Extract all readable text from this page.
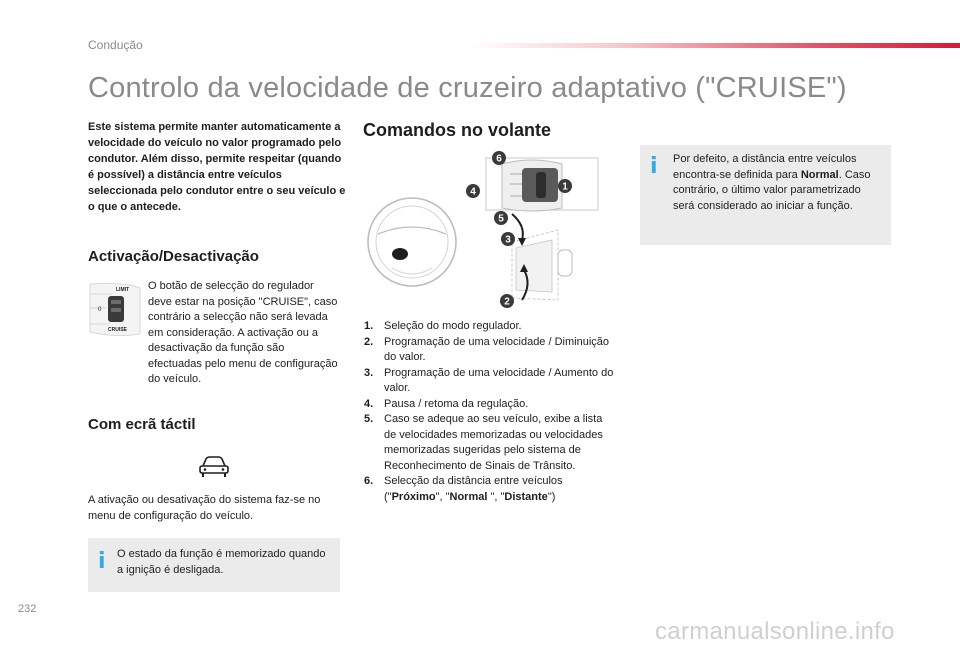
Condução
Controlo da velocidade de cruzeiro adaptativo ("CRUISE")

Este sistema permite manter automaticamente a velocidade do veículo no valor programado pelo condutor. Além disso, permite respeitar (quando é possível) a distância entre veículos seleccionada pelo condutor entre o seu veículo e o que o antecede.

Activação/Desactivação
LIMIT
0
CRUISE

O botão de selecção do regulador deve estar na posição "CRUISE", caso contrário a selecção não será levada em consideração. A activação ou a desactivação da função são efectuadas pelo menu de configuração do veículo.

Com ecrã táctil

A ativação ou desativação do sistema faz-se no menu de configuração do veículo.

i O estado da função é memorizado quando a ignição é desligada.

Comandos no volante
6
4
5
1
3
2
1. Seleção do modo regulador.
2. Programação de uma velocidade / Diminuição do valor.
3. Programação de uma velocidade / Aumento do valor.
4. Pausa / retoma da regulação.
5. Caso se adeque ao seu veículo, exibe a lista de velocidades memorizadas ou velocidades memorizadas sugeridas pelo sistema de Reconhecimento de Sinais de Trânsito.
6. Selecção da distância entre veículos ("Próximo", "Normal ", "Distante")
i Por defeito, a distância entre veículos encontra-se definida para Normal. Caso contrário, o último valor parametrizado será considerado ao iniciar a função.

232
carmanualsonline.info
